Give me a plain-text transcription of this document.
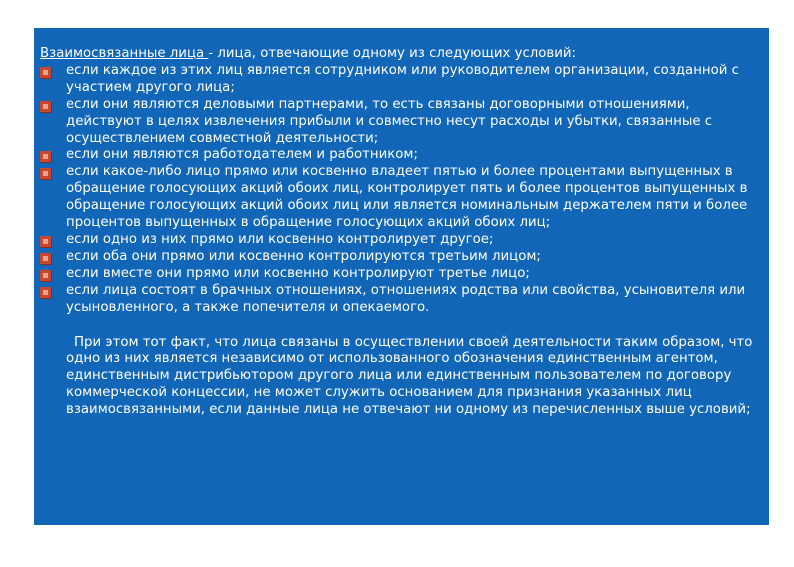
Взаимосвязанные лица - лица, отвечающие одному из следующих условий:

если каждое из этих лиц является сотрудником или руководителем организации, созданной с участием другого лица;
если они являются деловыми партнерами, то есть связаны договорными отношениями, действуют в целях извлечения прибыли и совместно несут расходы и убытки, связанные с осуществлением совместной деятельности;
если они являются работодателем и работником;
если какое-либо лицо прямо или косвенно владеет пятью и более процентами выпущенных в обращение голосующих акций обоих лиц, контролирует пять и более процентов выпущенных в обращение голосующих акций обоих лиц или является номинальным держателем пяти и более процентов выпущенных в обращение голосующих акций обоих лиц;
если одно из них прямо или косвенно контролирует другое;
если оба они прямо или косвенно контролируются третьим лицом;
если вместе они прямо или косвенно контролируют третье лицо;
если лица состоят в брачных отношениях, отношениях родства или свойства, усыновителя или усыновленного, а также попечителя и опекаемого.

При этом тот факт, что лица связаны в осуществлении своей деятельности таким образом, что одно из них является независимо от использованного обозначения единственным агентом, единственным дистрибьютором другого лица или единственным пользователем по договору коммерческой концессии, не может служить основанием для признания указанных лиц взаимосвязанными, если данные лица не отвечают ни одному из перечисленных выше условий;
